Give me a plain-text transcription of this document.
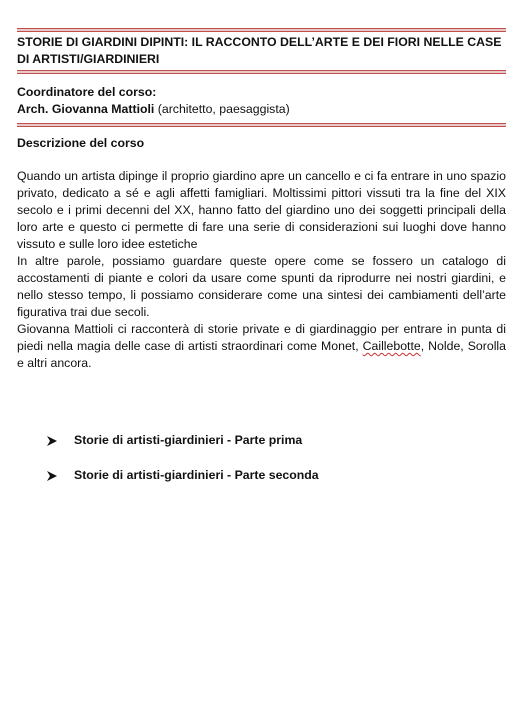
STORIE DI GIARDINI DIPINTI: IL RACCONTO DELL’ARTE E DEI FIORI NELLE CASE DI ARTISTI/GIARDINIERI
Coordinatore del corso:
Arch. Giovanna Mattioli (architetto, paesaggista)
Descrizione del corso

Quando un artista dipinge il proprio giardino apre un cancello e ci fa entrare in uno spazio privato, dedicato a sé e agli affetti famigliari. Moltissimi pittori vissuti tra la fine del XIX secolo e i primi decenni del XX, hanno fatto del giardino uno dei soggetti principali della loro arte e questo ci permette di fare una serie di considerazioni sui luoghi dove hanno vissuto e sulle loro idee estetiche

In altre parole, possiamo guardare queste opere come se fossero un catalogo di accostamenti di piante e colori da usare come spunti da riprodurre nei nostri giardini, e nello stesso tempo, li possiamo considerare come una sintesi dei cambiamenti dell’arte figurativa trai due secoli.

Giovanna Mattioli ci racconterà di storie private e di giardinaggio per entrare in punta di piedi nella magia delle case di artisti straordinari come Monet, Caillebotte, Nolde, Sorolla e altri ancora.

Storie di artisti-giardinieri - Parte prima
Storie di artisti-giardinieri - Parte seconda
